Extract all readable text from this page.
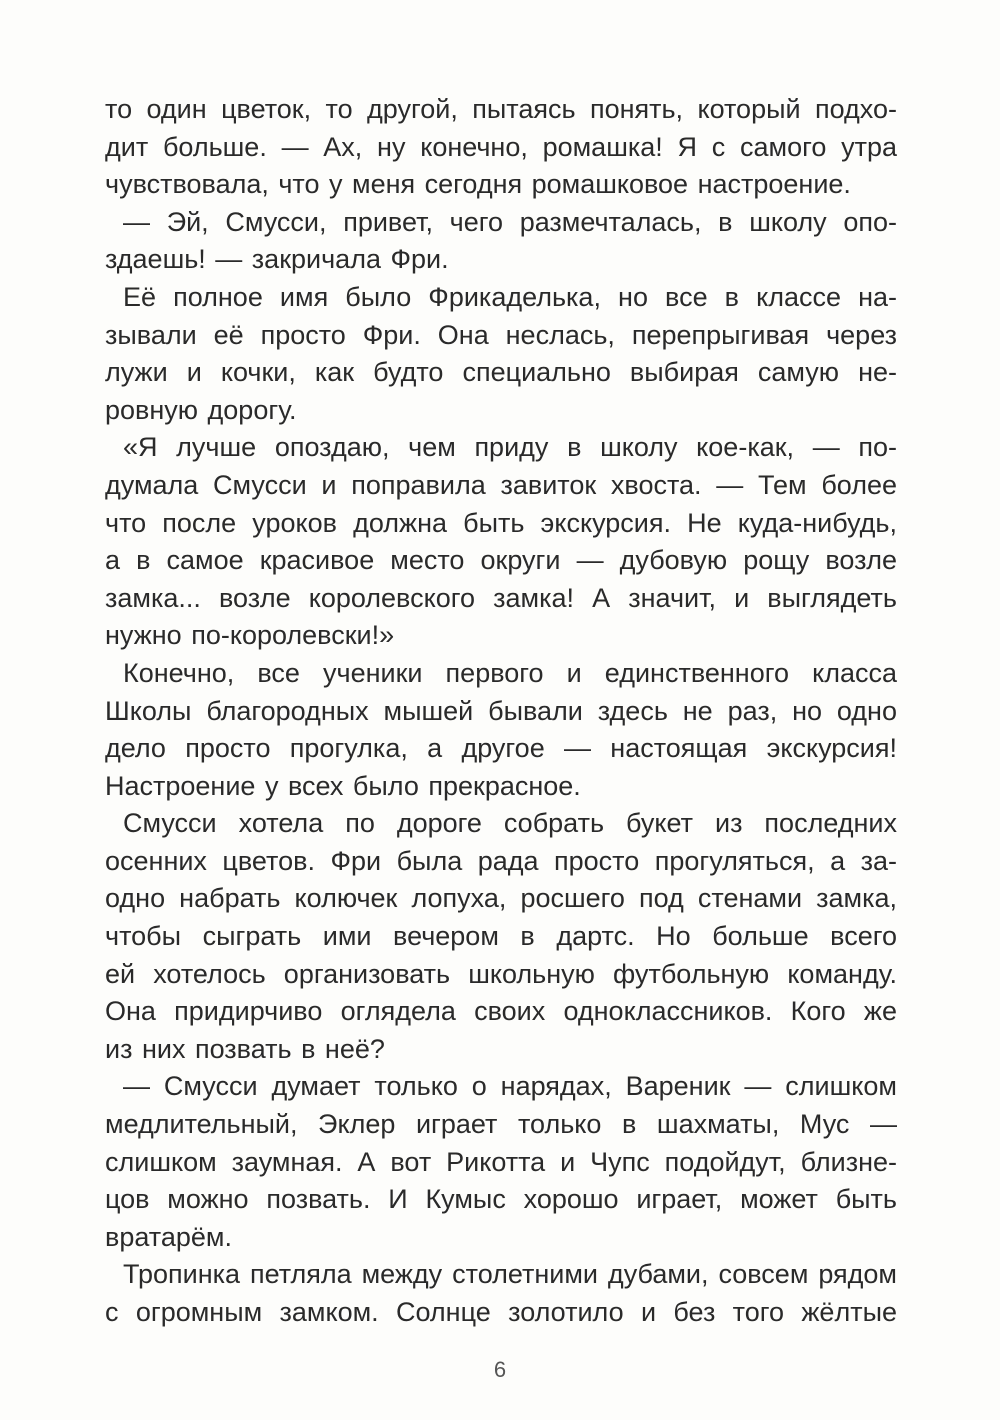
то один цветок, то другой, пытаясь понять, который подхо-
дит больше. — Ах, ну конечно, ромашка! Я с самого утра
чувствовала, что у меня сегодня ромашковое настроение.
— Эй, Смусси, привет, чего размечталась, в школу опо-
здаешь! — закричала Фри.
Её полное имя было Фрикаделька, но все в классе на-
зывали её просто Фри. Она неслась, перепрыгивая через
лужи и кочки, как будто специально выбирая самую не-
ровную дорогу.
«Я лучше опоздаю, чем приду в школу кое-как, — по-
думала Смусси и поправила завиток хвоста. — Тем более
что после уроков должна быть экскурсия. Не куда-нибудь,
а в самое красивое место округи — дубовую рощу возле
замка... возле королевского замка! А значит, и выглядеть
нужно по-королевски!»
Конечно, все ученики первого и единственного класса
Школы благородных мышей бывали здесь не раз, но одно
дело просто прогулка, а другое — настоящая экскурсия!
Настроение у всех было прекрасное.
Смусси хотела по дороге собрать букет из последних
осенних цветов. Фри была рада просто прогуляться, а за-
одно набрать колючек лопуха, росшего под стенами замка,
чтобы сыграть ими вечером в дартс. Но больше всего
ей хотелось организовать школьную футбольную команду.
Она придирчиво оглядела своих одноклассников. Кого же
из них позвать в неё?
— Смусси думает только о нарядах, Вареник — слишком
медлительный, Эклер играет только в шахматы, Мус —
слишком заумная. А вот Рикотта и Чупс подойдут, близне-
цов можно позвать. И Кумыс хорошо играет, может быть
вратарём.
Тропинка петляла между столетними дубами, совсем рядом
с огромным замком. Солнце золотило и без того жёлтые
6
